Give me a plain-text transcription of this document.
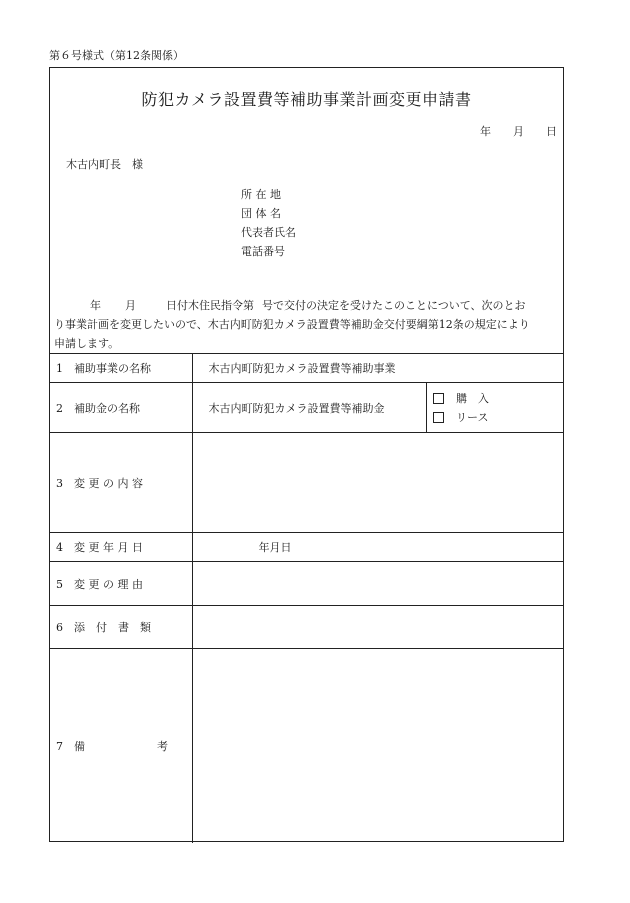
第６号様式（第12条関係）
防犯カメラ設置費等補助事業計画変更申請書
年 月 日
木古内町長　様
所 在 地
団 体 名
代表者氏名
電話番号
年 月	日付木住民指令第 号で交付の決定を受けたこのことについて、次のとお
り事業計画を変更したいので、木古内町防犯カメラ設置費等補助金交付要綱第12条の規定により
申請します。
1　補助事業の名称	木古内町防犯カメラ設置費等補助事業	
2　補助金の名称	木古内町防犯カメラ設置費等補助金	購　入
リース

3　変 更 の 内 容		
4　変 更 年 月 日	年月日	
5　変 更 の 理 由		
6　添　付　書　類		
7　備 考		
